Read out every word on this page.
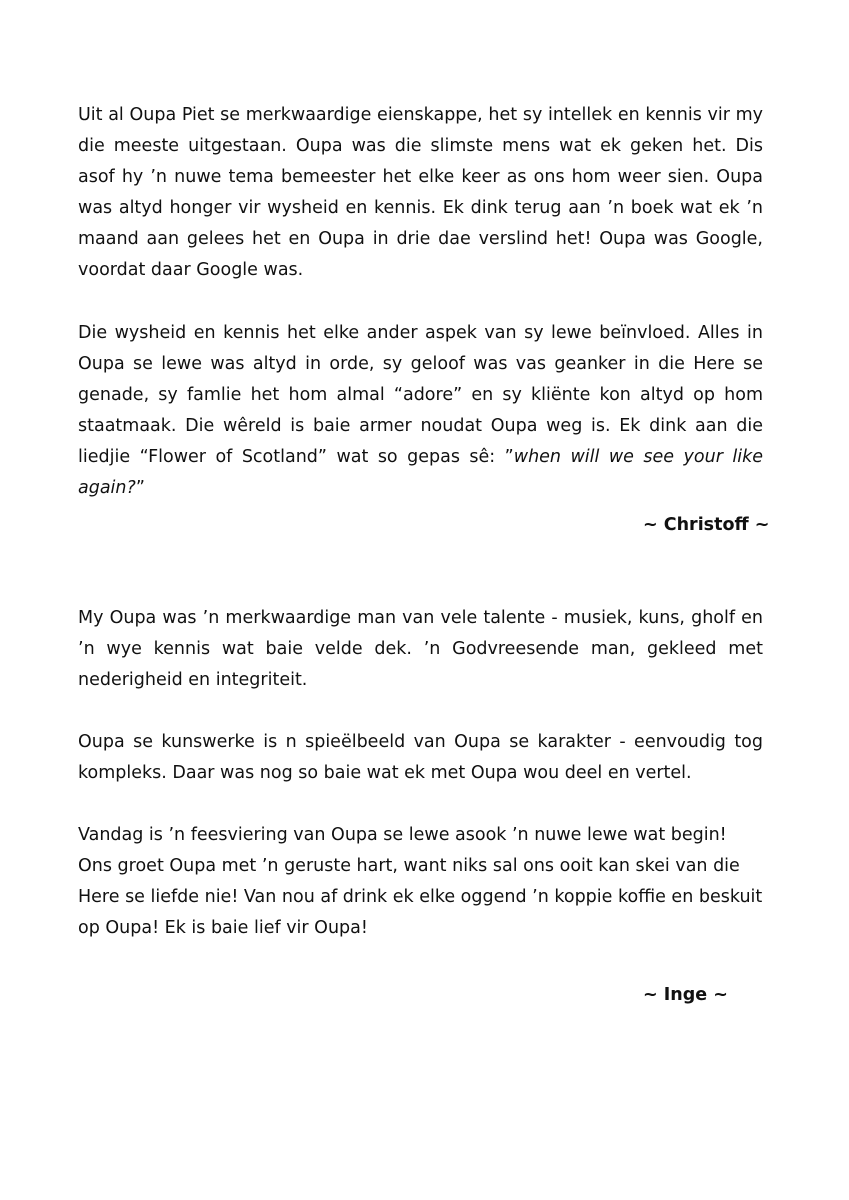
Uit al Oupa Piet se merkwaardige eienskappe, het sy intellek en kennis vir my die meeste uitgestaan. Oupa was die slimste mens wat ek geken het. Dis asof hy ’n nuwe tema bemeester het elke keer as ons hom weer sien. Oupa was altyd honger vir wysheid en kennis. Ek dink terug aan ’n boek wat ek ’n maand aan gelees het en Oupa in drie dae verslind het! Oupa was Google, voordat daar Google was.

Die wysheid en kennis het elke ander aspek van sy lewe beïnvloed. Alles in Oupa se lewe was altyd in orde, sy geloof was vas geanker in die Here se genade, sy famlie het hom almal “adore” en sy kliënte kon altyd op hom staatmaak. Die wêreld is baie armer noudat Oupa weg is. Ek dink aan die liedjie “Flower of Scotland” wat so gepas sê: ”when will we see your like again?”

~ Christoff ~

My Oupa was ’n merkwaardige man van vele talente - musiek, kuns, gholf en ’n wye kennis wat baie velde dek. ’n Godvreesende man, gekleed met nederigheid en integriteit.

Oupa se kunswerke is n spieëlbeeld van Oupa se karakter - eenvoudig tog kompleks. Daar was nog so baie wat ek met Oupa wou deel en vertel.

Vandag is ’n feesviering van Oupa se lewe asook ’n nuwe lewe wat begin! Ons groet Oupa met ’n geruste hart, want niks sal ons ooit kan skei van die Here se liefde nie! Van nou af drink ek elke oggend ’n koppie koffie en beskuit op Oupa! Ek is baie lief vir Oupa!

~ Inge ~
